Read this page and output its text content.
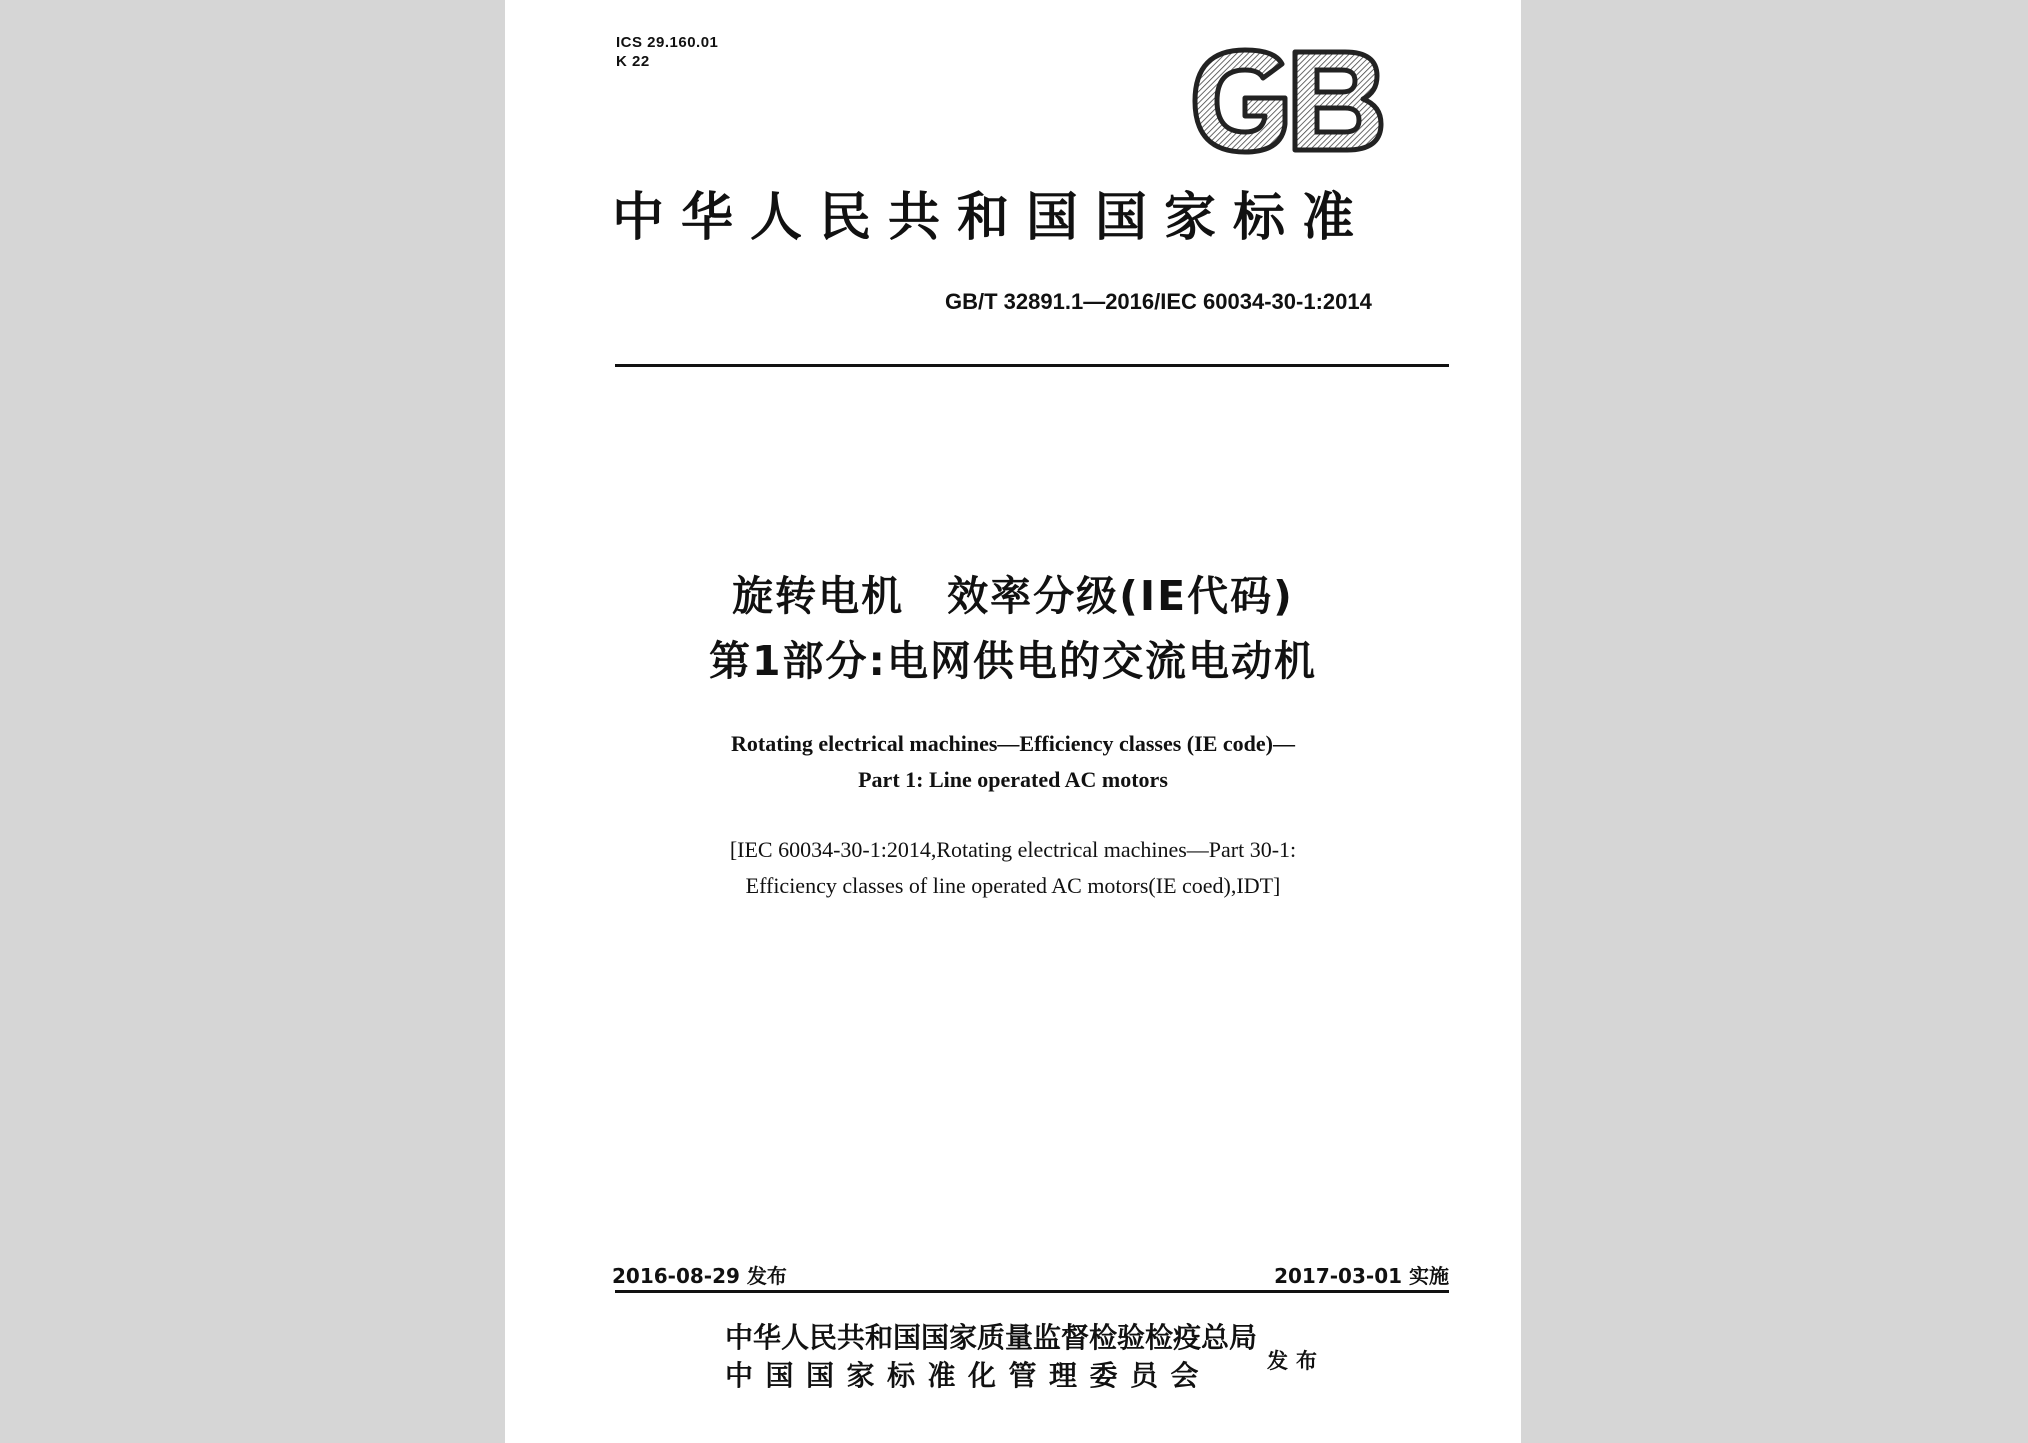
ICS 29.160.01
K 22
中华人民共和国国家标准
GB/T 32891.1—2016/IEC 60034-30-1:2014
旋转电机　效率分级(IE代码)
第1部分:电网供电的交流电动机
Rotating electrical machines—Efficiency classes (IE code)—
Part 1: Line operated AC motors
[IEC 60034-30-1:2014,Rotating electrical machines—Part 30-1:
Efficiency classes of line operated AC motors(IE coed),IDT]
2016-08-29 发布	2017-03-01 实施
中华人民共和国国家质量监督检验检疫总局
中国国家标准化管理委员会	发布
